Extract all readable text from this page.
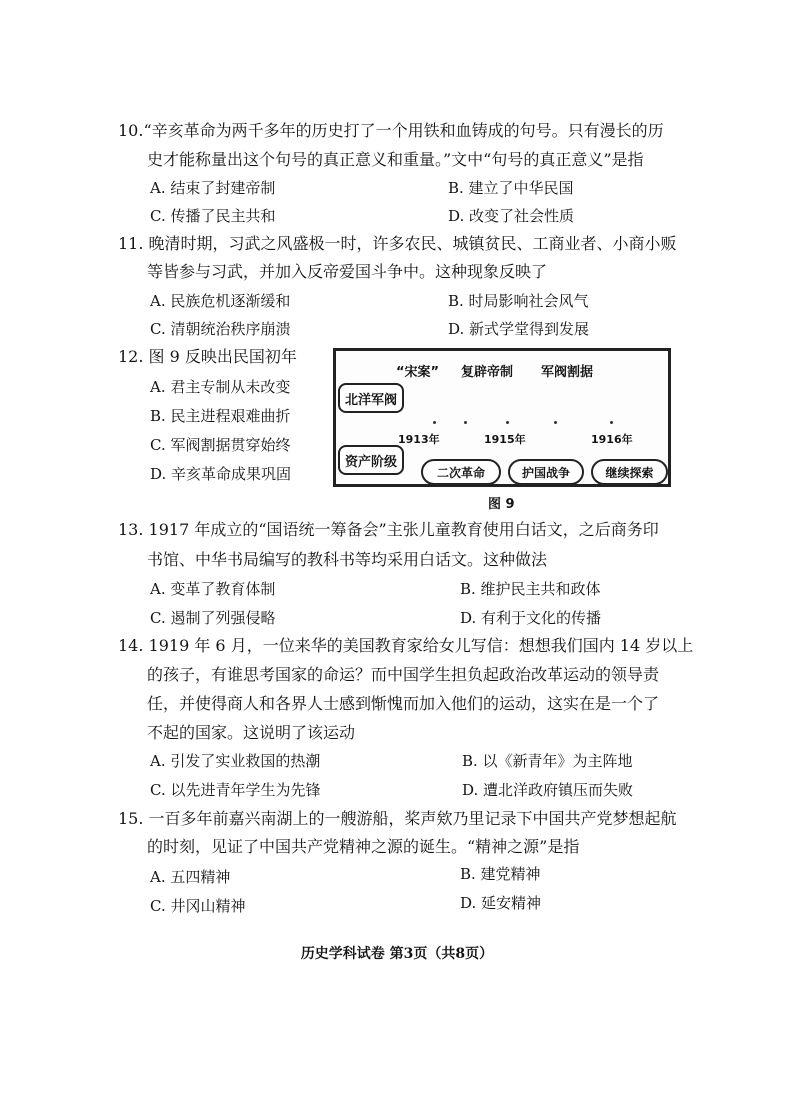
10.“辛亥革命为两千多年的历史打了一个用铁和血铸成的句号。只有漫长的历
史才能称量出这个句号的真正意义和重量。”文中“句号的真正意义”是指
A. 结束了封建帝制	B. 建立了中华民国
C. 传播了民主共和	D. 改变了社会性质
11. 晚清时期，习武之风盛极一时，许多农民、城镇贫民、工商业者、小商小贩
等皆参与习武，并加入反帝爱国斗争中。这种现象反映了
A. 民族危机逐渐缓和	B. 时局影响社会风气
C. 清朝统治秩序崩溃	D. 新式学堂得到发展
12. 图 9 反映出民国初年
A. 君主专制从未改变
B. 民主进程艰难曲折
C. 军阀割据贯穿始终
D. 辛亥革命成果巩固
“宋案” 复辟帝制 军阀割据
北洋军阀
资产阶级
1913年	1915年	1916年
二次革命	护国战争	继续探索
图 9
13. 1917 年成立的“国语统一筹备会”主张儿童教育使用白话文，之后商务印
书馆、中华书局编写的教科书等均采用白话文。这种做法
A. 变革了教育体制	B. 维护民主共和政体
C. 遏制了列强侵略	D. 有利于文化的传播
14. 1919 年 6 月，一位来华的美国教育家给女儿写信：想想我们国内 14 岁以上
的孩子，有谁思考国家的命运？而中国学生担负起政治改革运动的领导责
任，并使得商人和各界人士感到惭愧而加入他们的运动，这实在是一个了
不起的国家。这说明了该运动
A. 引发了实业救国的热潮	B. 以《新青年》为主阵地
C. 以先进青年学生为先锋	D. 遭北洋政府镇压而失败
15. 一百多年前嘉兴南湖上的一艘游船，桨声欸乃里记录下中国共产党梦想起航
的时刻，见证了中国共产党精神之源的诞生。“精神之源”是指
A. 五四精神	B. 建党精神
C. 井冈山精神	D. 延安精神
历史学科试卷 第3页（共8页）
